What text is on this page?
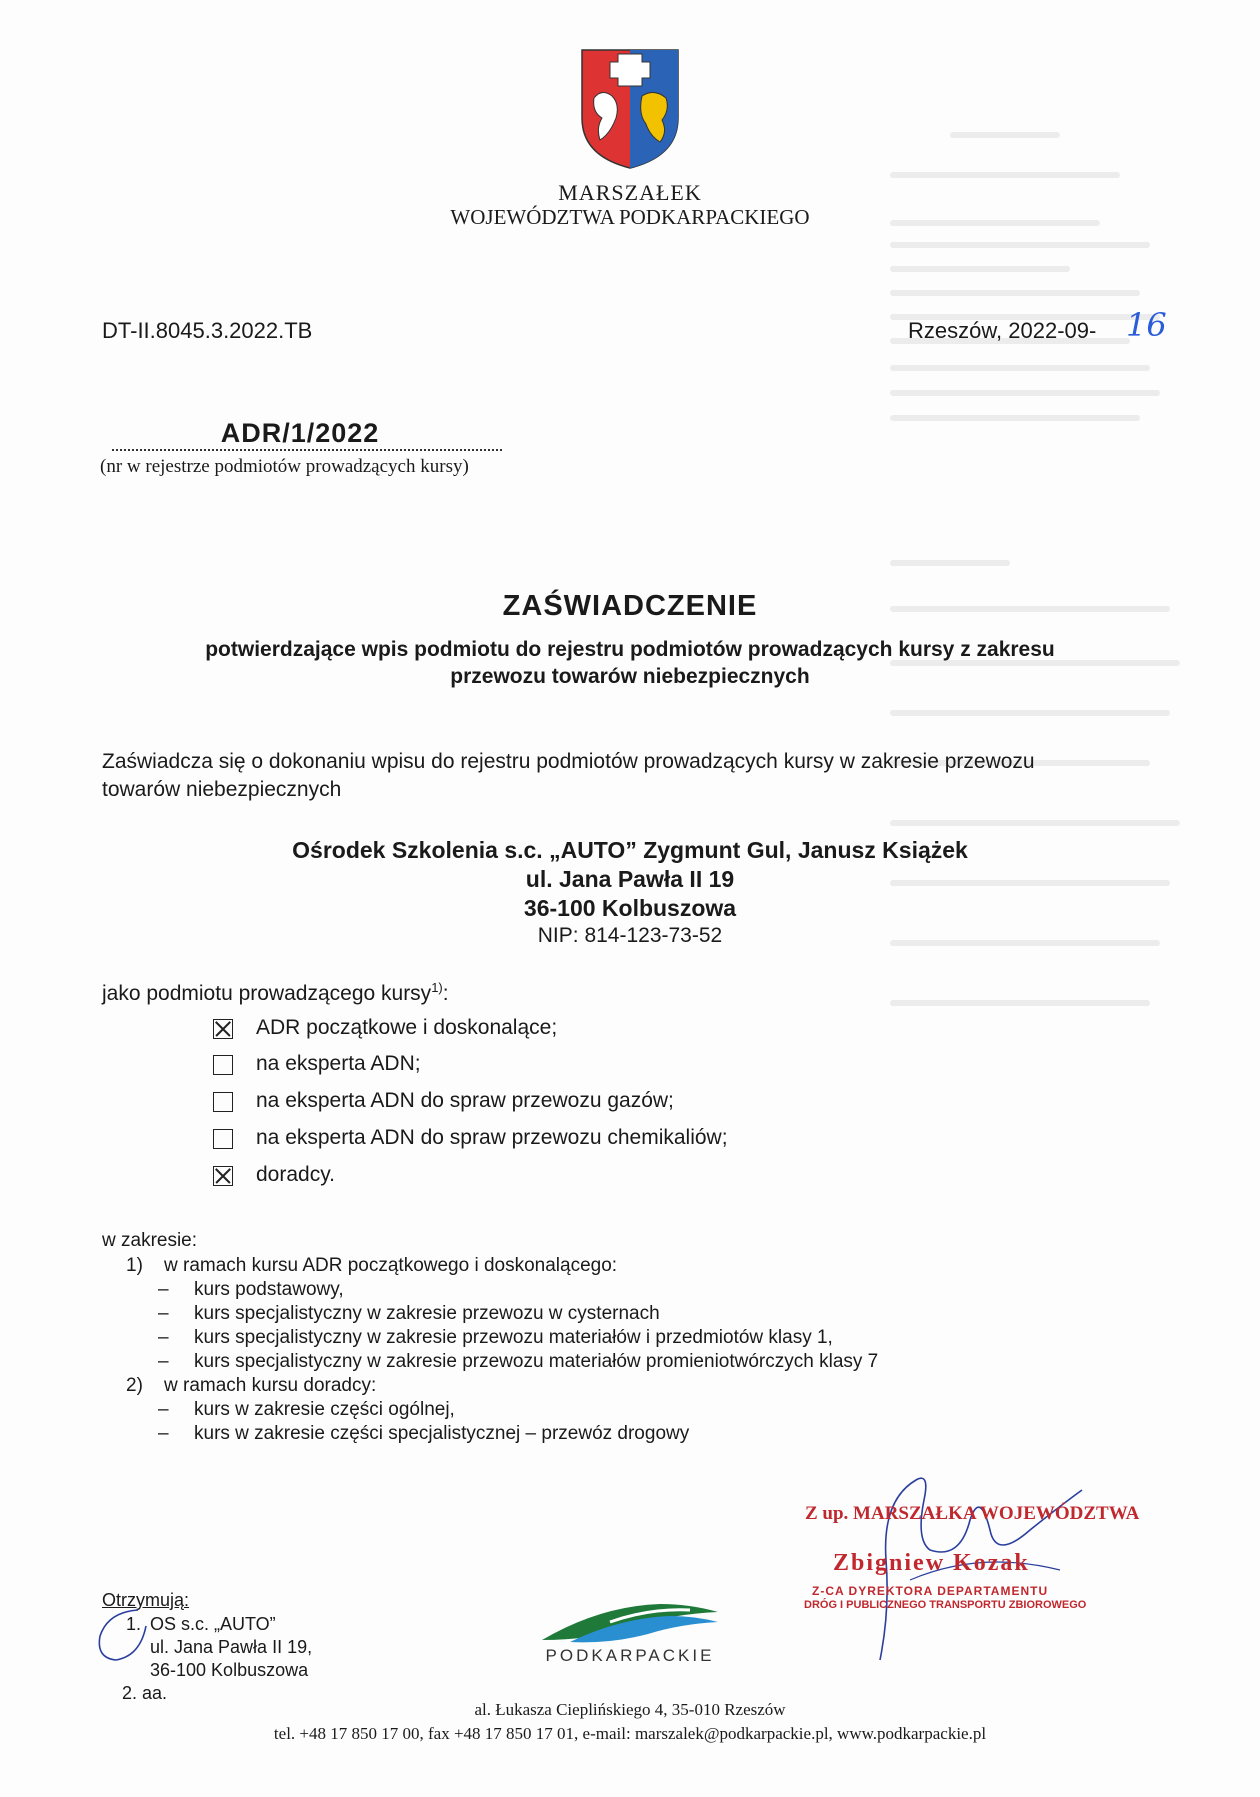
MARSZAŁEK
WOJEWÓDZTWA PODKARPACKIEGO
DT-II.8045.3.2022.TB	Rzeszów, 2022-09- 16
ADR/1/2022
(nr w rejestrze podmiotów prowadzących kursy)
ZAŚWIADCZENIE
potwierdzające wpis podmiotu do rejestru podmiotów prowadzących kursy z zakresu
przewozu towarów niebezpiecznych
Zaświadcza się o dokonaniu wpisu do rejestru podmiotów prowadzących kursy w zakresie przewozu
towarów niebezpiecznych
Ośrodek Szkolenia s.c. „AUTO” Zygmunt Gul, Janusz Książek
ul. Jana Pawła II 19
36-100 Kolbuszowa
NIP: 814-123-73-52
jako podmiotu prowadzącego kursy$^{1)}$:
ADR początkowe i doskonalące;
na eksperta ADN;
na eksperta ADN do spraw przewozu gazów;
na eksperta ADN do spraw przewozu chemikaliów;
doradcy.
w zakresie:
1) w ramach kursu ADR początkowego i doskonalącego:
– kurs podstawowy,
– kurs specjalistyczny w zakresie przewozu w cysternach
– kurs specjalistyczny w zakresie przewozu materiałów i przedmiotów klasy 1,
– kurs specjalistyczny w zakresie przewozu materiałów promieniotwórczych klasy 7
2) w ramach kursu doradcy:
– kurs w zakresie części ogólnej,
– kurs w zakresie części specjalistycznej – przewóz drogowy
Z up. MARSZAŁKA WOJEWÓDZTWA
Zbigniew Kozak
Z-CA DYREKTORA DEPARTAMENTU
DRÓG I PUBLICZNEGO TRANSPORTU ZBIOROWEGO
Otrzymują:
1. OS s.c. „AUTO”
ul. Jana Pawła II 19,
36-100 Kolbuszowa
2. aa.
PODKARPACKIE
al. Łukasza Cieplińskiego 4, 35-010 Rzeszów
tel. +48 17 850 17 00, fax +48 17 850 17 01, e-mail: marszalek@podkarpackie.pl, www.podkarpackie.pl
